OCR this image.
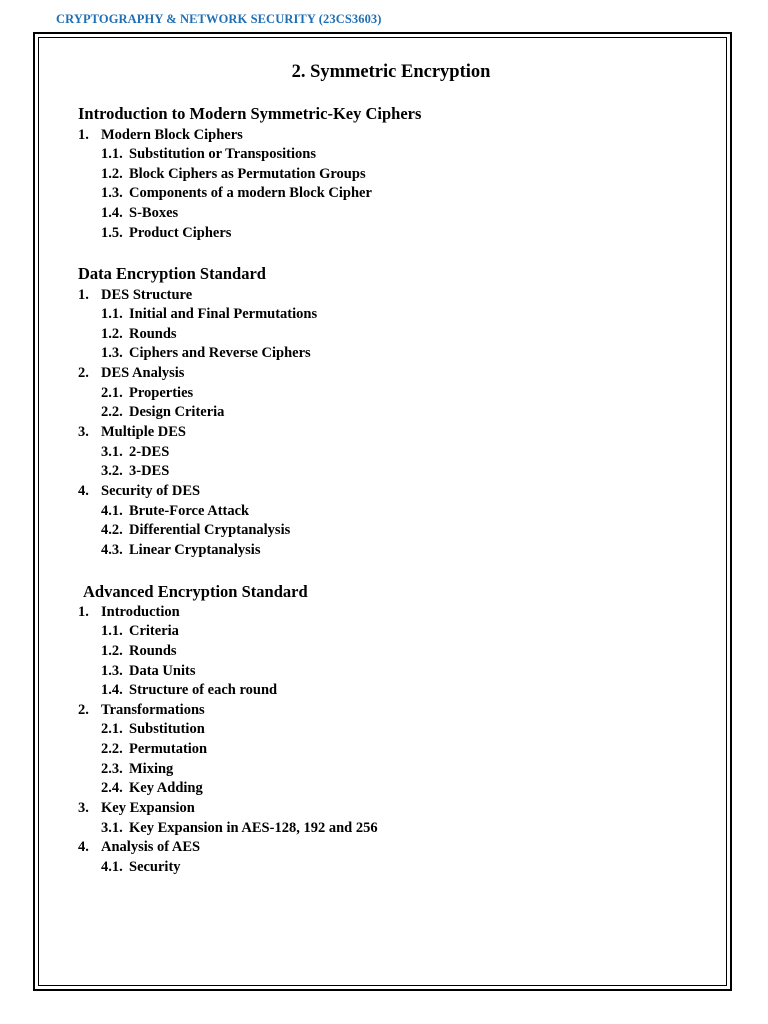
CRYPTOGRAPHY & NETWORK SECURITY (23CS3603)
2. Symmetric Encryption
Introduction to Modern Symmetric-Key Ciphers
1. Modern Block Ciphers
1.1. Substitution or Transpositions
1.2. Block Ciphers as Permutation Groups
1.3. Components of a modern Block Cipher
1.4. S-Boxes
1.5. Product Ciphers
Data Encryption Standard
1. DES Structure
1.1. Initial and Final Permutations
1.2. Rounds
1.3. Ciphers and Reverse Ciphers
2. DES Analysis
2.1. Properties
2.2. Design Criteria
3. Multiple DES
3.1. 2-DES
3.2. 3-DES
4. Security of DES
4.1. Brute-Force Attack
4.2. Differential Cryptanalysis
4.3. Linear Cryptanalysis
Advanced Encryption Standard
1. Introduction
1.1. Criteria
1.2. Rounds
1.3. Data Units
1.4. Structure of each round
2. Transformations
2.1. Substitution
2.2. Permutation
2.3. Mixing
2.4. Key Adding
3. Key Expansion
3.1. Key Expansion in AES-128, 192 and 256
4. Analysis of AES
4.1. Security
